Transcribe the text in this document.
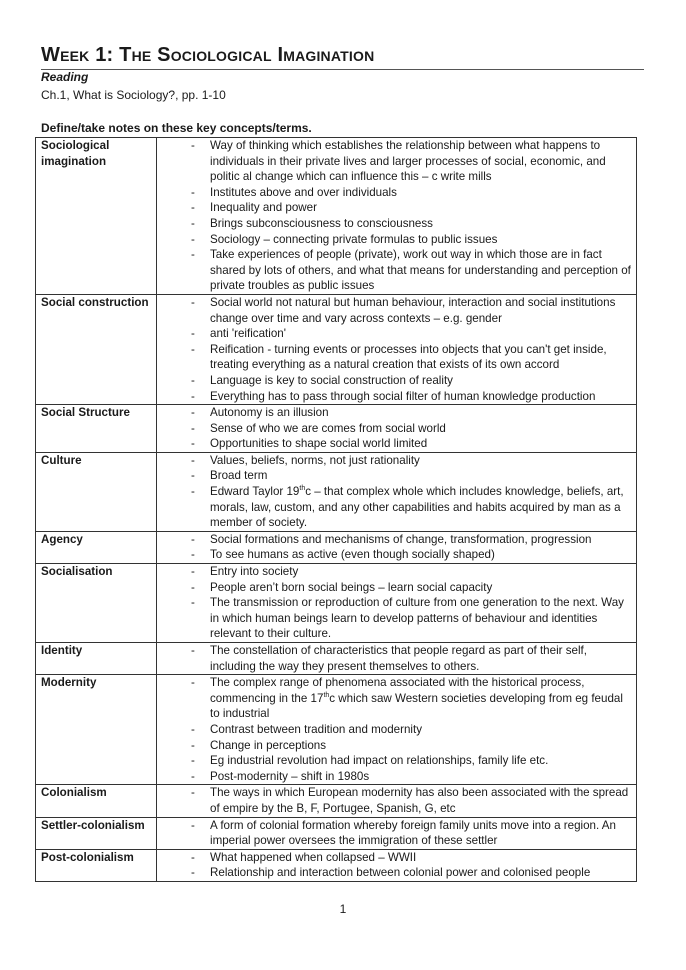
Week 1: The Sociological Imagination
Reading
Ch.1, What is Sociology?, pp. 1-10
Define/take notes on these key concepts/terms.
Sociological imagination	
- Way of thinking which establishes the relationship between what happens to individuals in their private lives and larger processes of social, economic, and politic al change which can influence this – c write mills
- Institutes above and over individuals
- Inequality and power
- Brings subconsciousness to consciousness
- Sociology – connecting private formulas to public issues
- Take experiences of people (private), work out way in which those are in fact shared by lots of others, and what that means for understanding and perception of private troubles as public issues

Social construction	- Social world not natural but human behaviour, interaction and social institutions change over time and vary across contexts – e.g. gender
- anti 'reification'
- Reification - turning events or processes into objects that you can't get inside, treating everything as a natural creation that exists of its own accord
- Language is key to social construction of reality
- Everything has to pass through social filter of human knowledge production

Social Structure	- Autonomy is an illusion
- Sense of who we are comes from social world
- Opportunities to shape social world limited

Culture	- Values, beliefs, norms, not just rationality
- Broad term
- Edward Taylor 19thc – that complex whole which includes knowledge, beliefs, art, morals, law, custom, and any other capabilities and habits acquired by man as a member of society.

Agency	- Social formations and mechanisms of change, transformation, progression
- To see humans as active (even though socially shaped)

Socialisation	- Entry into society
- People aren’t born social beings – learn social capacity
- The transmission or reproduction of culture from one generation to the next. Way in which human beings learn to develop patterns of behaviour and identities relevant to their culture.

Identity	- The constellation of characteristics that people regard as part of their self, including the way they present themselves to others.

Modernity	- The complex range of phenomena associated with the historical process, commencing in the 17thc which saw Western societies developing from eg feudal to industrial
- Contrast between tradition and modernity
- Change in perceptions
- Eg industrial revolution had impact on relationships, family life etc.
- Post-modernity – shift in 1980s

Colonialism	- The ways in which European modernity has also been associated with the spread of empire by the B, F, Portugee, Spanish, G, etc

Settler-colonialism	- A form of colonial formation whereby foreign family units move into a region. An imperial power oversees the immigration of these settler

Post-colonialism	- What happened when collapsed – WWII
- Relationship and interaction between colonial power and colonised people
1
